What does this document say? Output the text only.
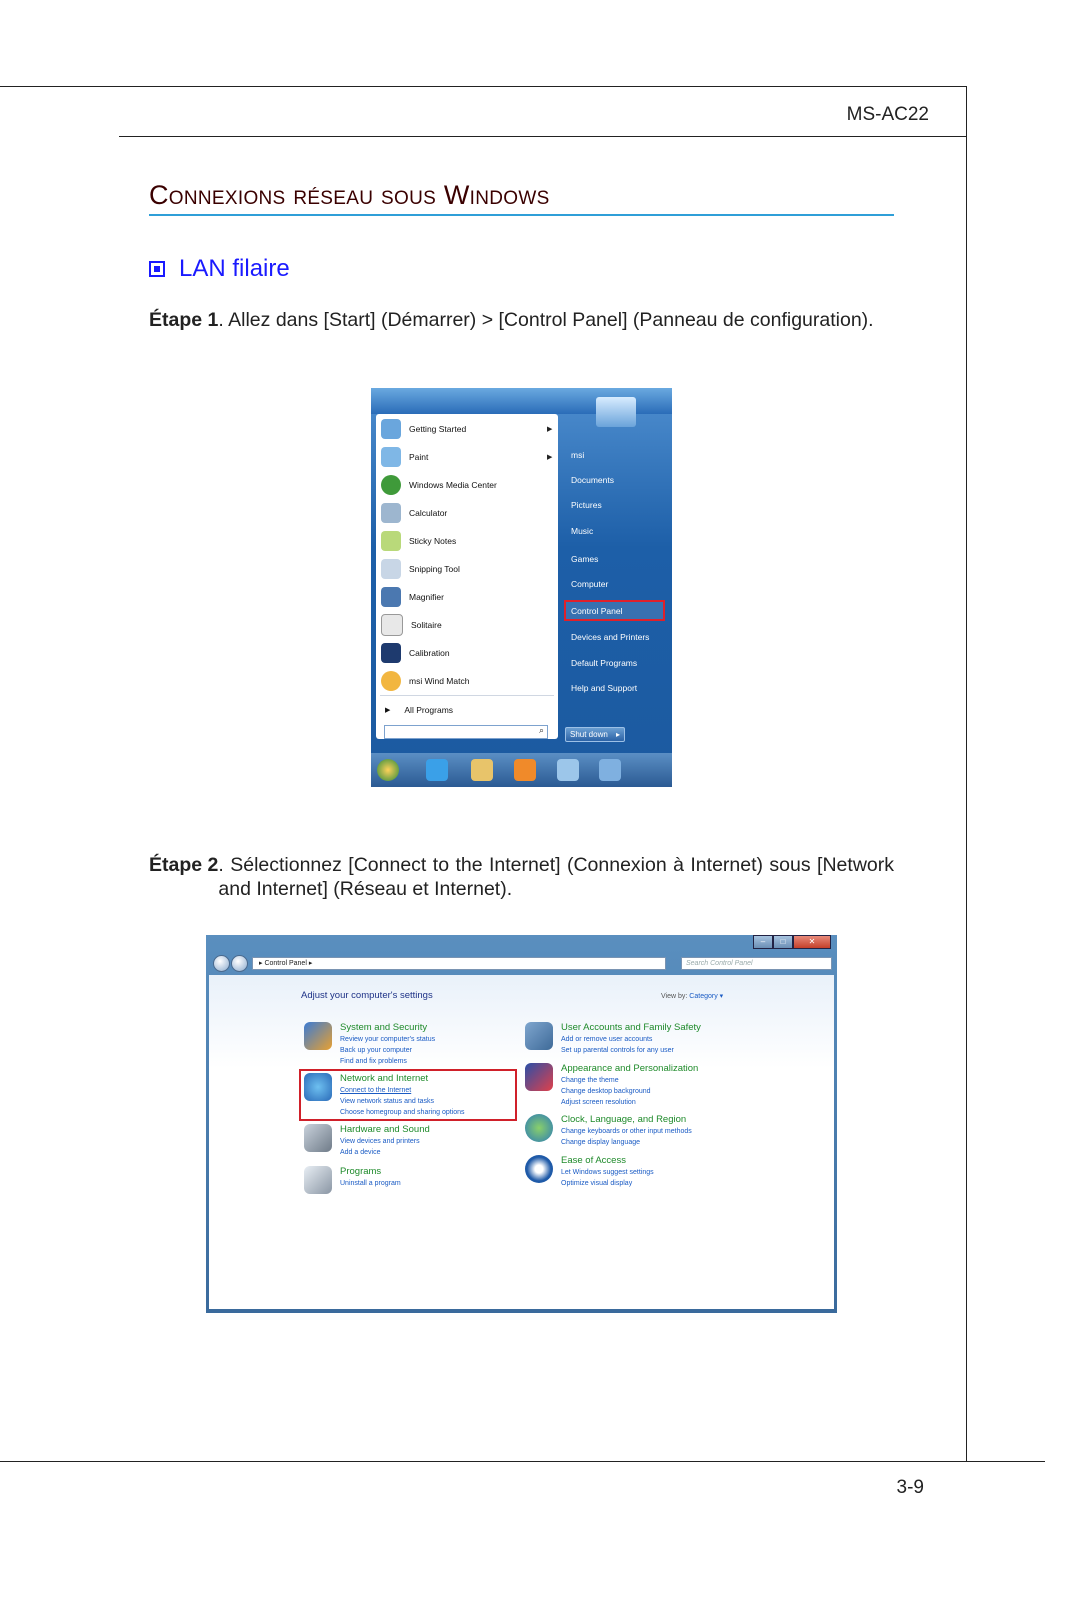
MS-AC22
3-9
Connexions réseau sous Windows
LAN filaire
Étape 1 . Allez dans [Start] (Démarrer) > [Control Panel] (Panneau de configuration).
Getting Started	▶
Paint	▶
Windows Media Center
Calculator
Sticky Notes
Snipping Tool
Magnifier
Solitaire
Calibration
msi Wind Match
▶ All Programs
⌕
msi
Documents
Pictures
Music
Games
Computer
Control Panel
Devices and Printers
Default Programs
Help and Support
Shut down ▸
Étape 2 . Sélectionnez [Connect to the Internet] (Connexion à Internet) sous [Network and Internet] (Réseau et Internet).
–	□	✕
▸ Control Panel ▸	Search Control Panel
Adjust your computer's settings	View by: Category ▾
System and Security
Review your computer's status
Back up your computer
Find and fix problems
Network and Internet
Connect to the Internet
View network status and tasks
Choose homegroup and sharing options
Hardware and Sound
View devices and printers
Add a device
Programs
Uninstall a program
User Accounts and Family Safety
Add or remove user accounts
Set up parental controls for any user
Appearance and Personalization
Change the theme
Change desktop background
Adjust screen resolution
Clock, Language, and Region
Change keyboards or other input methods
Change display language
Ease of Access
Let Windows suggest settings
Optimize visual display
